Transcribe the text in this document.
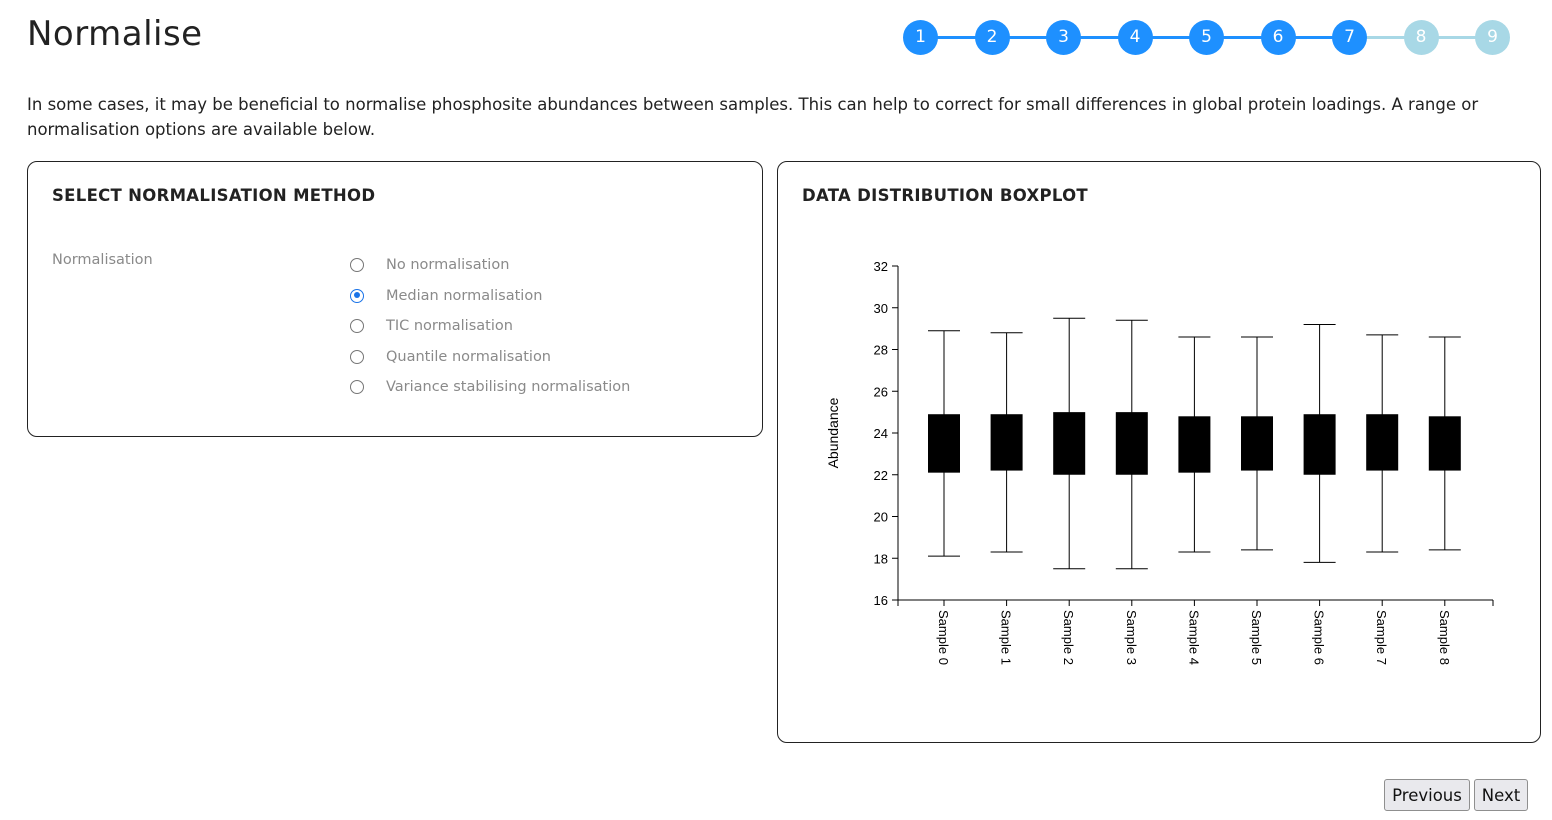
Normalise	1	2	3	4	5	6	7	8	9
In some cases, it may be beneficial to normalise phosphosite abundances between samples. This can help to correct for small differences in global protein loadings. A range or normalisation options are available below.
SELECT NORMALISATION METHOD
Normalisation	No normalisation
Median normalisation
TIC normalisation
Quantile normalisation
Variance stabilising normalisation
DATA DISTRIBUTION BOXPLOT
16
18
20
22
24
26
28
30
32
Abundance
Sample 0	Sample 1	Sample 2	Sample 3	Sample 4	Sample 5	Sample 6	Sample 7	Sample 8
Previous	Next
